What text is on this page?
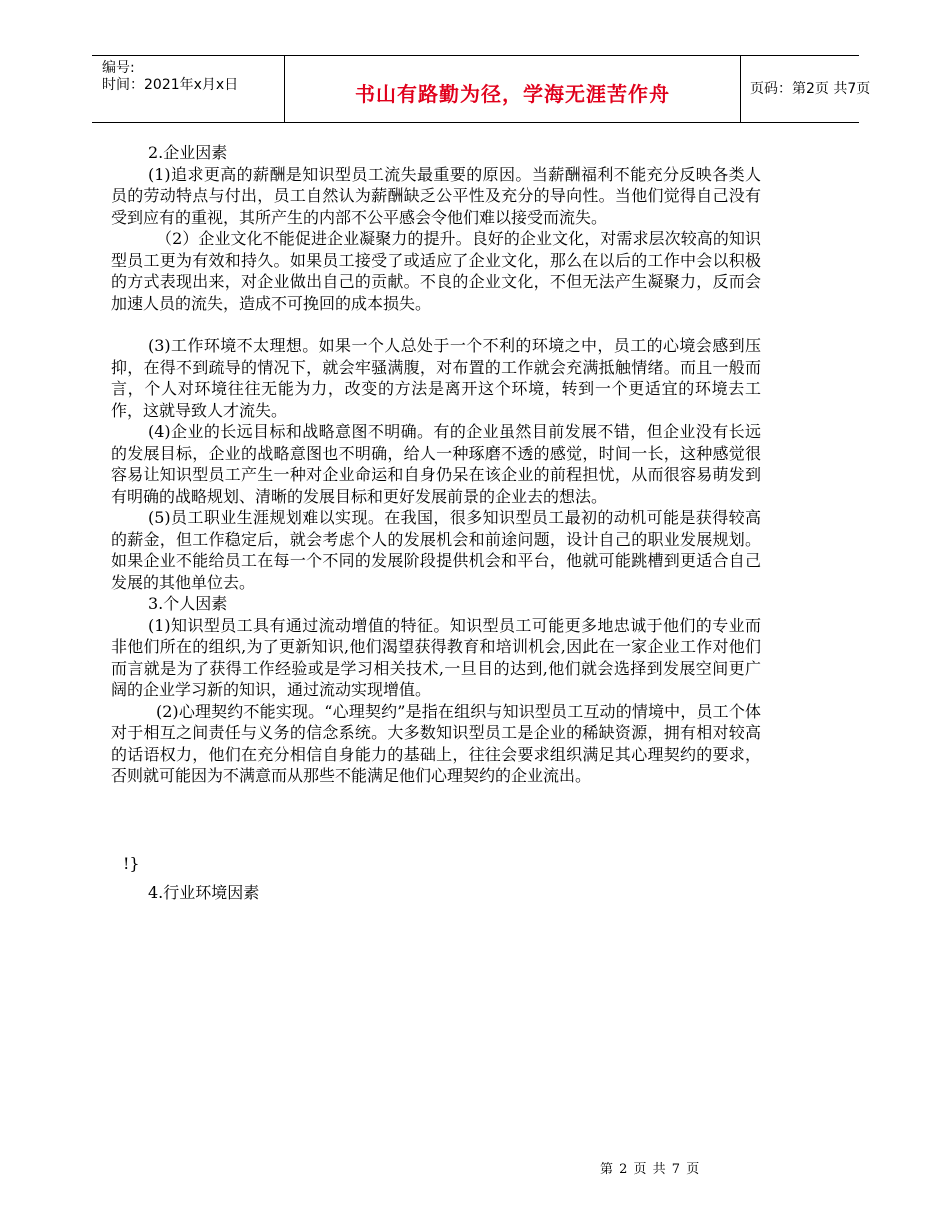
编号:
时间：2021年x月x日	书山有路勤为径，学海无涯苦作舟	页码：第2页 共7页

2.企业因素

(1)追求更高的薪酬是知识型员工流失最重要的原因。当薪酬福利不能充分反映各类人员的劳动特点与付出，员工自然认为薪酬缺乏公平性及充分的导向性。当他们觉得自己没有受到应有的重视，其所产生的内部不公平感会令他们难以接受而流失。

（2）企业文化不能促进企业凝聚力的提升。良好的企业文化，对需求层次较高的知识型员工更为有效和持久。如果员工接受了或适应了企业文化，那么在以后的工作中会以积极的方式表现出来，对企业做出自己的贡献。不良的企业文化，不但无法产生凝聚力，反而会加速人员的流失，造成不可挽回的成本损失。

(3)工作环境不太理想。如果一个人总处于一个不利的环境之中，员工的心境会感到压抑，在得不到疏导的情况下，就会牢骚满腹，对布置的工作就会充满抵触情绪。而且一般而言，个人对环境往往无能为力，改变的方法是离开这个环境，转到一个更适宜的环境去工作，这就导致人才流失。

(4)企业的长远目标和战略意图不明确。有的企业虽然目前发展不错，但企业没有长远的发展目标，企业的战略意图也不明确，给人一种琢磨不透的感觉，时间一长，这种感觉很容易让知识型员工产生一种对企业命运和自身仍呆在该企业的前程担忧，从而很容易萌发到有明确的战略规划、清晰的发展目标和更好发展前景的企业去的想法。

(5)员工职业生涯规划难以实现。在我国，很多知识型员工最初的动机可能是获得较高的薪金，但工作稳定后，就会考虑个人的发展机会和前途问题，设计自己的职业发展规划。如果企业不能给员工在每一个不同的发展阶段提供机会和平台，他就可能跳槽到更适合自己发展的其他单位去。

3.个人因素

(1)知识型员工具有通过流动增值的特征。知识型员工可能更多地忠诚于他们的专业而非他们所在的组织,为了更新知识,他们渴望获得教育和培训机会,因此在一家企业工作对他们而言就是为了获得工作经验或是学习相关技术,一旦目的达到,他们就会选择到发展空间更广阔的企业学习新的知识，通过流动实现增值。

(2)心理契约不能实现。“心理契约”是指在组织与知识型员工互动的情境中，员工个体对于相互之间责任与义务的信念系统。大多数知识型员工是企业的稀缺资源，拥有相对较高的话语权力，他们在充分相信自身能力的基础上，往往会要求组织满足其心理契约的要求，否则就可能因为不满意而从那些不能满足他们心理契约的企业流出。

!}

4.行业环境因素

第 2 页 共 7 页
